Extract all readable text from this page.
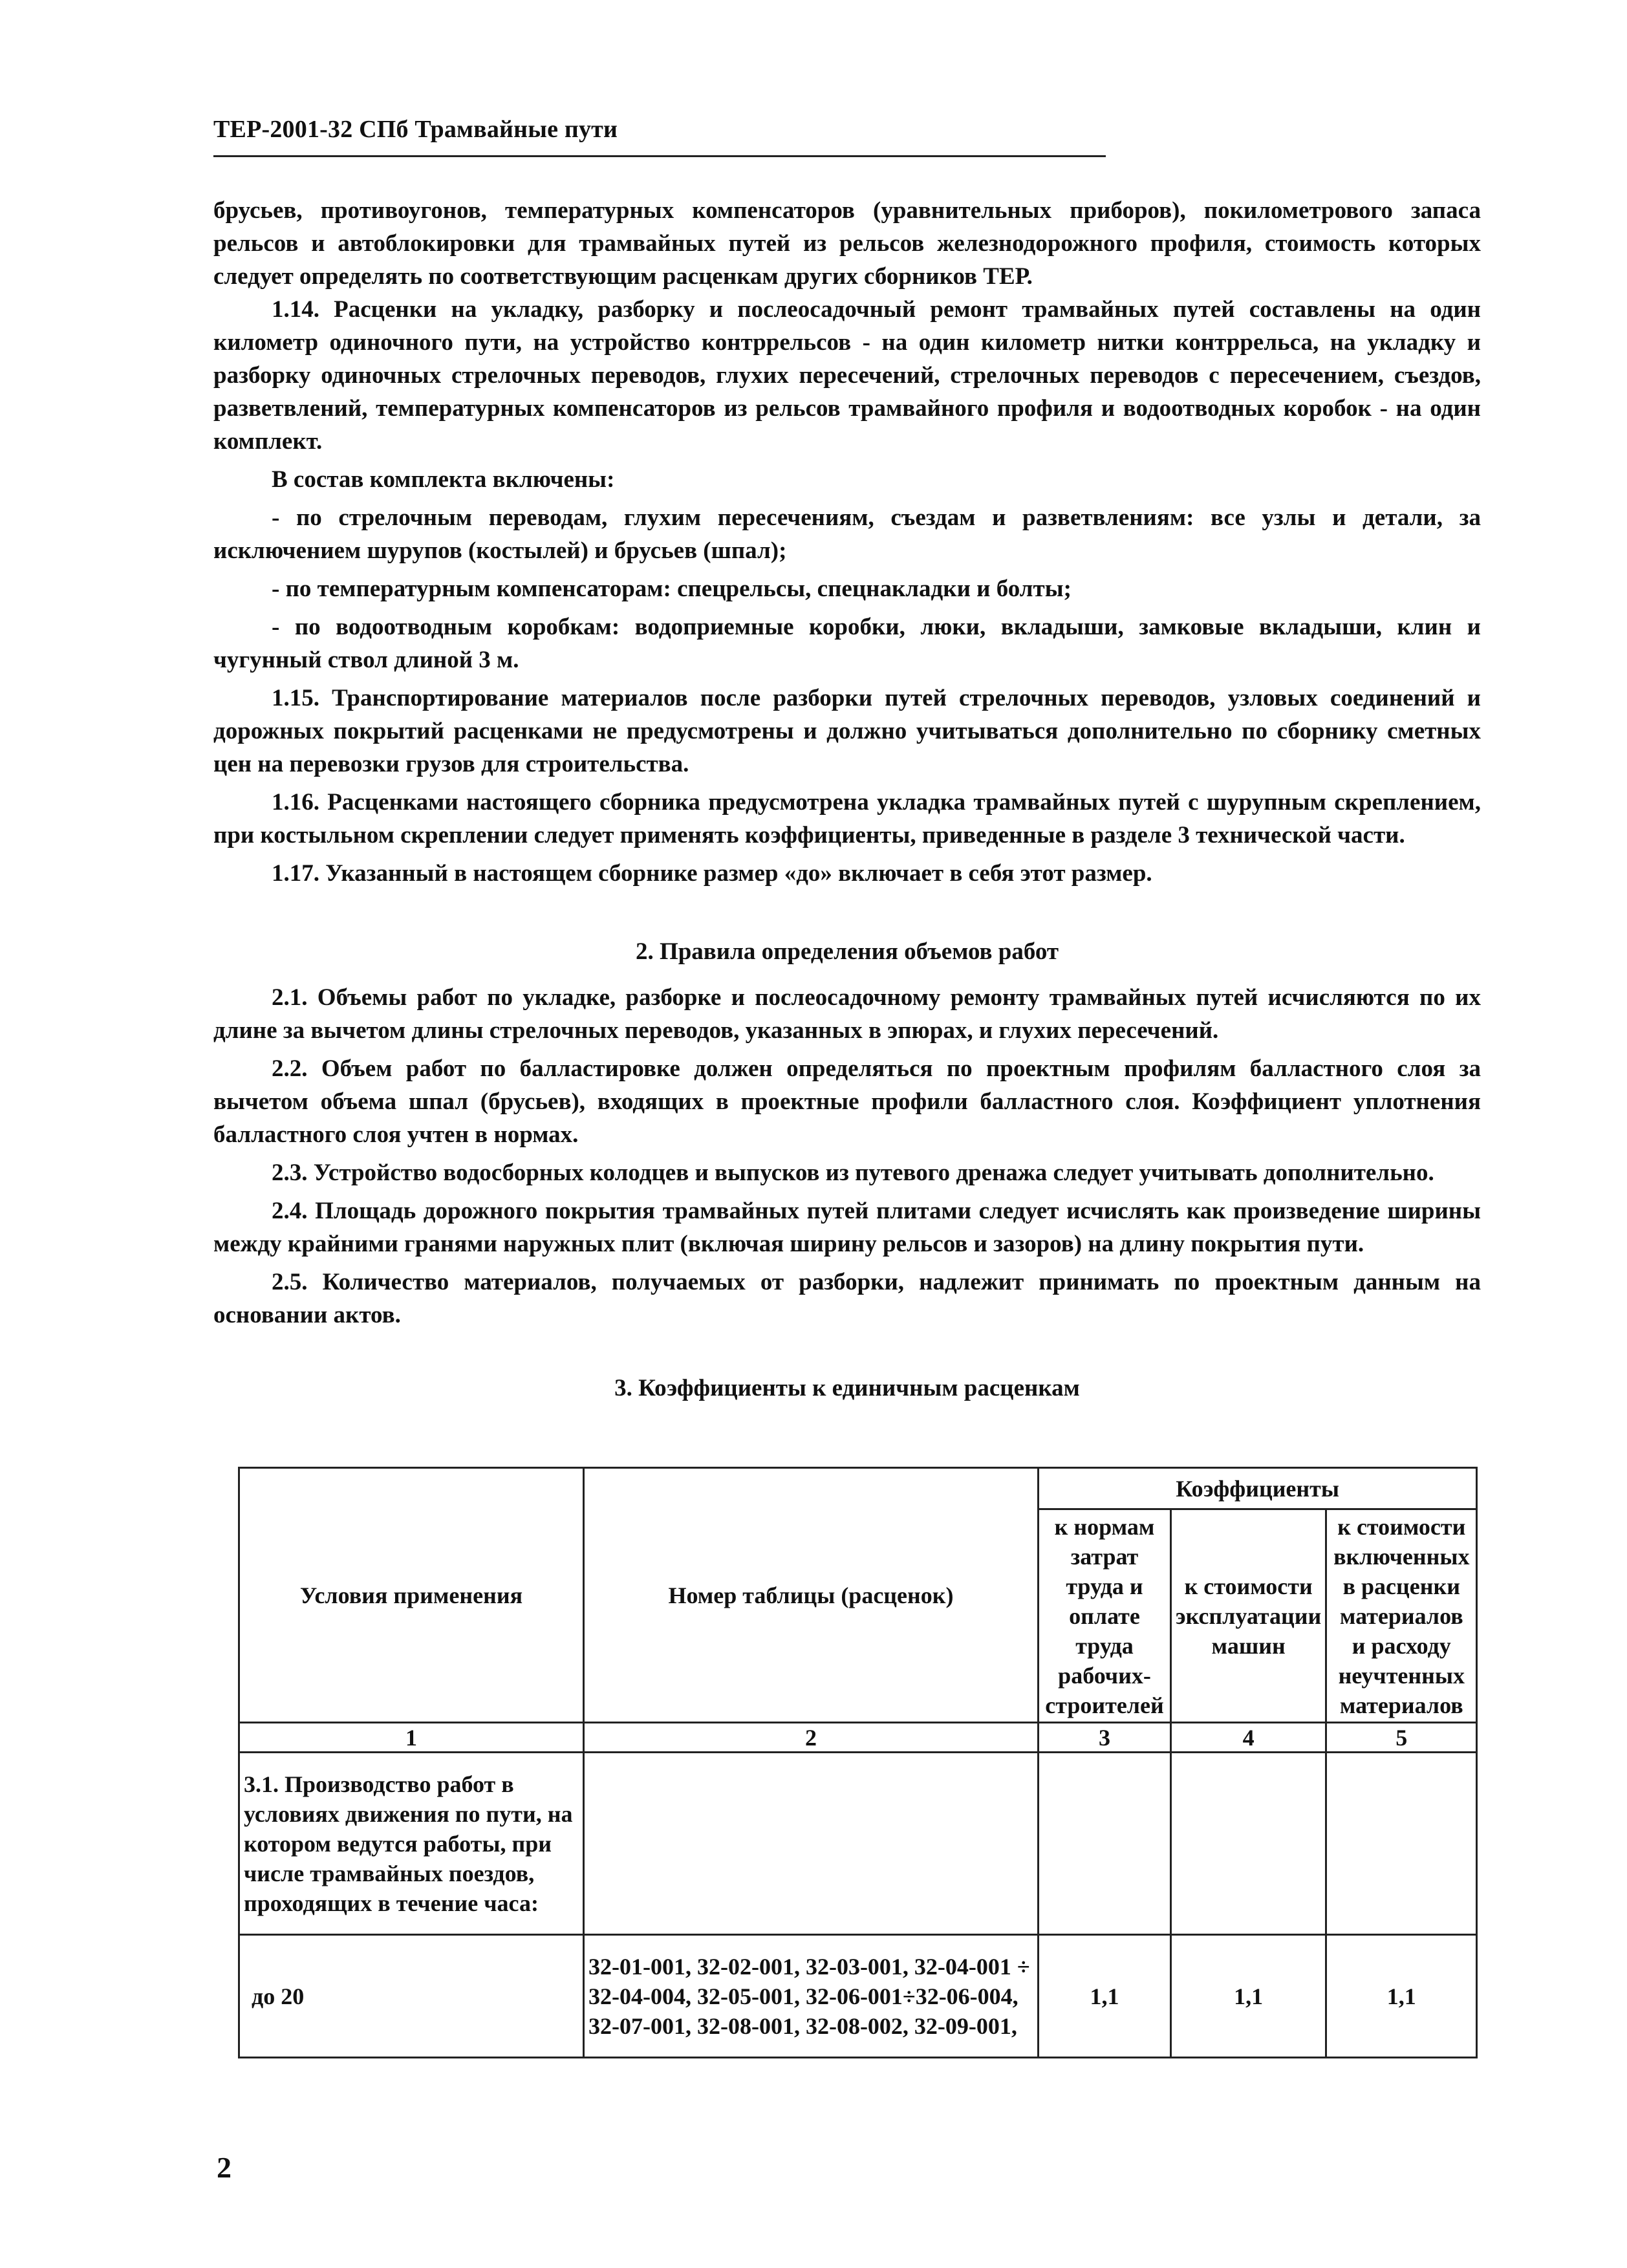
ТЕР-2001-32 СПб Трамвайные пути

брусьев, противоугонов, температурных компенсаторов (уравнительных приборов), покилометрового запаса рельсов и автоблокировки для трамвайных путей из рельсов железнодорожного профиля, стоимость которых следует определять по соответствующим расценкам других сборников ТЕР.

1.14. Расценки на укладку, разборку и послеосадочный ремонт трамвайных путей составлены на один километр одиночного пути, на устройство контррельсов - на один километр нитки контррельса, на укладку и разборку одиночных стрелочных переводов, глухих пересечений, стрелочных переводов с пересечением, съездов, разветвлений, температурных компенсаторов из рельсов трамвайного профиля и водоотводных коробок - на один комплект.

В состав комплекта включены:

- по стрелочным переводам, глухим пересечениям, съездам и разветвлениям: все узлы и детали, за исключением шурупов (костылей) и брусьев (шпал);

- по температурным компенсаторам: спецрельсы, спецнакладки и болты;

- по водоотводным коробкам: водоприемные коробки, люки, вкладыши, замковые вкладыши, клин и чугунный ствол длиной 3 м.

1.15. Транспортирование материалов после разборки путей стрелочных переводов, узловых соединений и дорожных покрытий расценками не предусмотрены и должно учитываться дополнительно по сборнику сметных цен на перевозки грузов для строительства.

1.16. Расценками настоящего сборника предусмотрена укладка трамвайных путей с шурупным скреплением, при костыльном скреплении следует применять коэффициенты, приведенные в разделе 3 технической части.

1.17. Указанный в настоящем сборнике размер «до» включает в себя этот размер.

2. Правила определения объемов работ

2.1. Объемы работ по укладке, разборке и послеосадочному ремонту трамвайных путей исчисляются по их длине за вычетом длины стрелочных переводов, указанных в эпюрах, и глухих пересечений.

2.2. Объем работ по балластировке должен определяться по проектным профилям балластного слоя за вычетом объема шпал (брусьев), входящих в проектные профили балластного слоя. Коэффициент уплотнения балластного слоя учтен в нормах.

2.3. Устройство водосборных колодцев и выпусков из путевого дренажа следует учитывать дополнительно.

2.4. Площадь дорожного покрытия трамвайных путей плитами следует исчислять как произведение ширины между крайними гранями наружных плит (включая ширину рельсов и зазоров) на длину покрытия пути.

2.5. Количество материалов, получаемых от разборки, надлежит принимать по проектным данным на основании актов.

3. Коэффициенты к единичным расценкам
Условия применения	Номер таблицы (расценок)	Коэффициенты		
		к нормам затрат труда и оплате труда рабочих-строителей	к стоимости эксплуатации машин	к стоимости включенных в расценки материалов и расходу неучтенных материалов
1	2	3	4	5
3.1. Производство работ в условиях движения по пути, на котором ведутся работы, при числе трамвайных поездов, проходящих в течение часа:				
до 20	32-01-001, 32-02-001, 32-03-001, 32-04-001 ÷ 32-04-004, 32-05-001, 32-06-001÷32-06-004, 32-07-001, 32-08-001, 32-08-002, 32-09-001,	1,1	1,1	1,1
2
